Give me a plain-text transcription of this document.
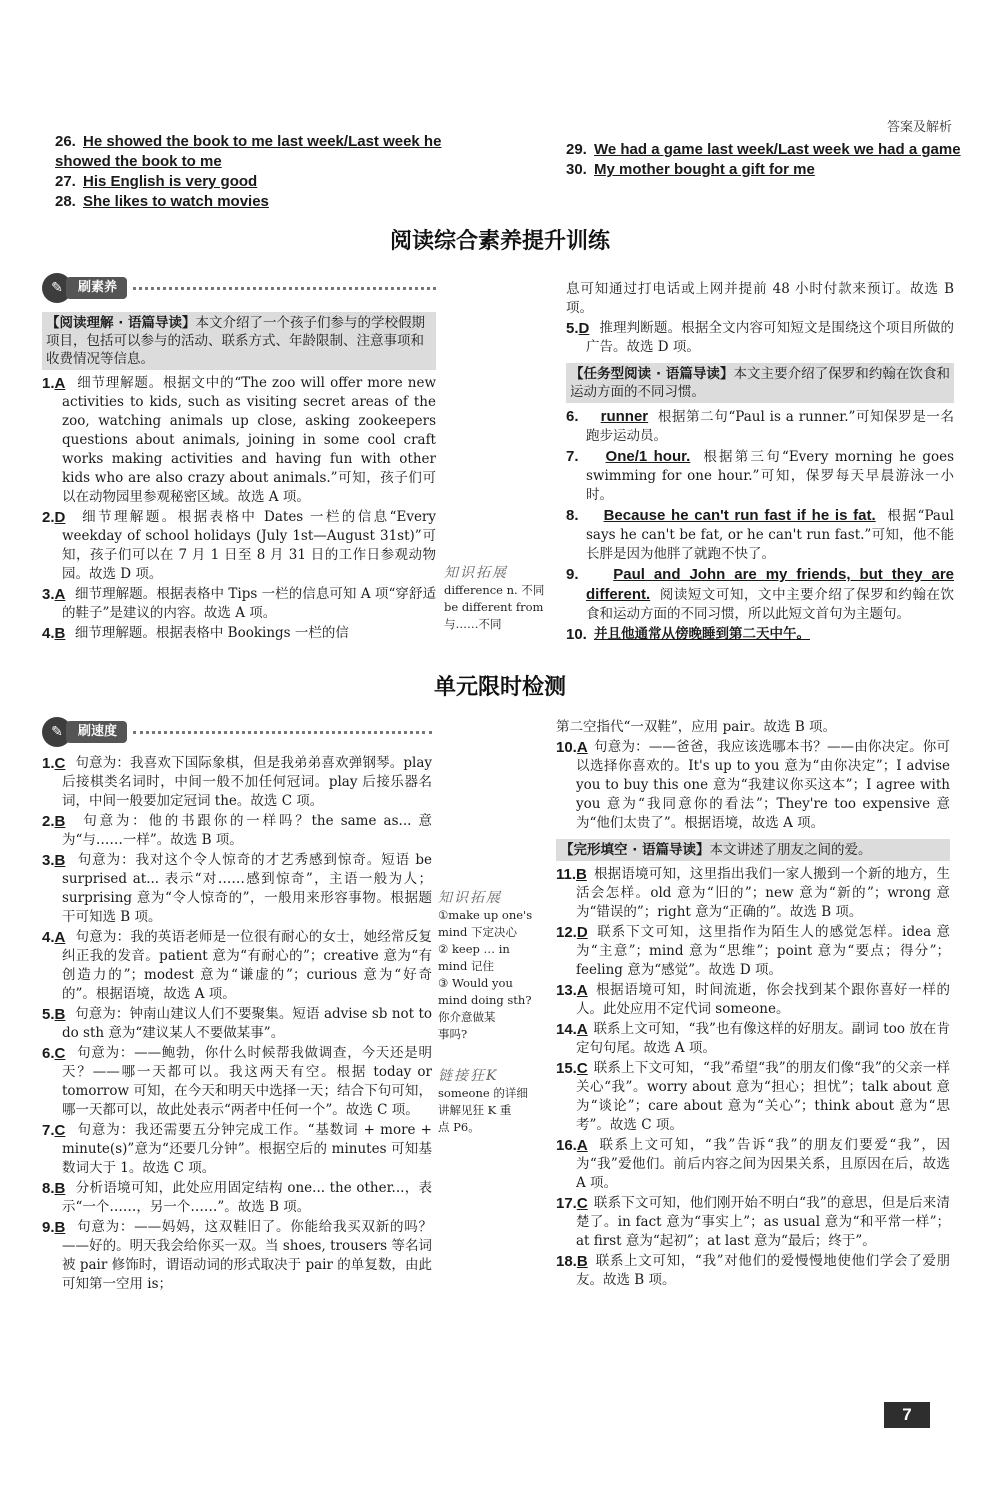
答案及解析
26. He showed the book to me last week/Last week he showed the book to me
27. His English is very good
28. She likes to watch movies
29. We had a game last week/Last week we had a game
30. My mother bought a gift for me
阅读综合素养提升训练
✎	刷素养
【阅读理解 · 语篇导读】本文介绍了一个孩子们参与的学校假期项目，包括可以参与的活动、联系方式、年龄限制、注意事项和收费情况等信息。
1.A 细节理解题。根据文中的“The zoo will offer more new activities to kids, such as visiting secret areas of the zoo, watching animals up close, asking zookeepers questions about animals, joining in some cool craft works making activities and having fun with other kids who are also crazy about animals.”可知，孩子们可以在动物园里参观秘密区域。故选 A 项。
2.D 细节理解题。根据表格中 Dates 一栏的信息“Every weekday of school holidays (July 1st—August 31st)”可知，孩子们可以在 7 月 1 日至 8 月 31 日的工作日参观动物园。故选 D 项。
3.A 细节理解题。根据表格中 Tips 一栏的信息可知 A 项“穿舒适的鞋子”是建议的内容。故选 A 项。
4.B 细节理解题。根据表格中 Bookings 一栏的信
知识拓展
difference n. 不同
be different from
与……不同
息可知通过打电话或上网并提前 48 小时付款来预订。故选 B 项。
5.D 推理判断题。根据全文内容可知短文是围绕这个项目所做的广告。故选 D 项。
【任务型阅读 · 语篇导读】本文主要介绍了保罗和约翰在饮食和运动方面的不同习惯。
6. runner 根据第二句“Paul is a runner.”可知保罗是一名跑步运动员。
7. One/1 hour. 根据第三句“Every morning he goes swimming for one hour.”可知，保罗每天早晨游泳一小时。
8. Because he can't run fast if he is fat. 根据“Paul says he can't be fat, or he can't run fast.”可知，他不能长胖是因为他胖了就跑不快了。
9. Paul and John are my friends, but they are different. 阅读短文可知，文中主要介绍了保罗和约翰在饮食和运动方面的不同习惯，所以此短文首句为主题句。
10. 并且他通常从傍晚睡到第二天中午。
单元限时检测
✎	刷速度
1.C 句意为：我喜欢下国际象棋，但是我弟弟喜欢弹钢琴。play 后接棋类名词时，中间一般不加任何冠词。play 后接乐器名词，中间一般要加定冠词 the。故选 C 项。
2.B 句意为：他的书跟你的一样吗？the same as... 意为“与……一样”。故选 B 项。
3.B 句意为：我对这个令人惊奇的才艺秀感到惊奇。短语 be surprised at... 表示“对……感到惊奇”，主语一般为人；surprising 意为“令人惊奇的”，一般用来形容事物。根据题干可知选 B 项。
4.A 句意为：我的英语老师是一位很有耐心的女士，她经常反复纠正我的发音。patient 意为“有耐心的”；creative 意为“有创造力的”；modest 意为“谦虚的”；curious 意为“好奇的”。根据语境，故选 A 项。
5.B 句意为：钟南山建议人们不要聚集。短语 advise sb not to do sth 意为“建议某人不要做某事”。
6.C 句意为：——鲍勃，你什么时候帮我做调查，今天还是明天？——哪一天都可以。我这两天有空。根据 today or tomorrow 可知，在今天和明天中选择一天；结合下句可知，哪一天都可以，故此处表示“两者中任何一个”。故选 C 项。
7.C 句意为：我还需要五分钟完成工作。“基数词 + more + minute(s)”意为“还要几分钟”。根据空后的 minutes 可知基数词大于 1。故选 C 项。
8.B 分析语境可知，此处应用固定结构 one... the other...，表示“一个……，另一个……”。故选 B 项。
9.B 句意为：——妈妈，这双鞋旧了。你能给我买双新的吗？——好的。明天我会给你买一双。当 shoes, trousers 等名词被 pair 修饰时，谓语动词的形式取决于 pair 的单复数，由此可知第一空用 is；
知识拓展
①make up one's
mind 下定决心
② keep … in
mind 记住
③ Would you
mind doing sth?
你介意做某
事吗?
链接狂K
someone 的详细
讲解见狂 K 重
点 P6。
第二空指代“一双鞋”，应用 pair。故选 B 项。
10.A 句意为：——爸爸，我应该选哪本书？——由你决定。你可以选择你喜欢的。It's up to you 意为“由你决定”；I advise you to buy this one 意为“我建议你买这本”；I agree with you 意为“我同意你的看法”；They're too expensive 意为“他们太贵了”。根据语境，故选 A 项。
【完形填空 · 语篇导读】本文讲述了朋友之间的爱。
11.B 根据语境可知，这里指出我们一家人搬到一个新的地方，生活会怎样。old 意为“旧的”；new 意为“新的”；wrong 意为“错误的”；right 意为“正确的”。故选 B 项。
12.D 联系下文可知，这里指作为陌生人的感觉怎样。idea 意为“主意”；mind 意为“思维”；point 意为“要点；得分”；feeling 意为“感觉”。故选 D 项。
13.A 根据语境可知，时间流逝，你会找到某个跟你喜好一样的人。此处应用不定代词 someone。
14.A 联系上文可知，“我”也有像这样的好朋友。副词 too 放在肯定句句尾。故选 A 项。
15.C 联系上下文可知，“我”希望“我”的朋友们像“我”的父亲一样关心“我”。worry about 意为“担心；担忧”；talk about 意为“谈论”；care about 意为“关心”；think about 意为“思考”。故选 C 项。
16.A 联系上文可知，“我”告诉“我”的朋友们要爱“我”，因为“我”爱他们。前后内容之间为因果关系，且原因在后，故选 A 项。
17.C 联系下文可知，他们刚开始不明白“我”的意思，但是后来清楚了。in fact 意为“事实上”；as usual 意为“和平常一样”；at first 意为“起初”；at last 意为“最后；终于”。
18.B 联系上文可知，“我”对他们的爱慢慢地使他们学会了爱朋友。故选 B 项。
7
